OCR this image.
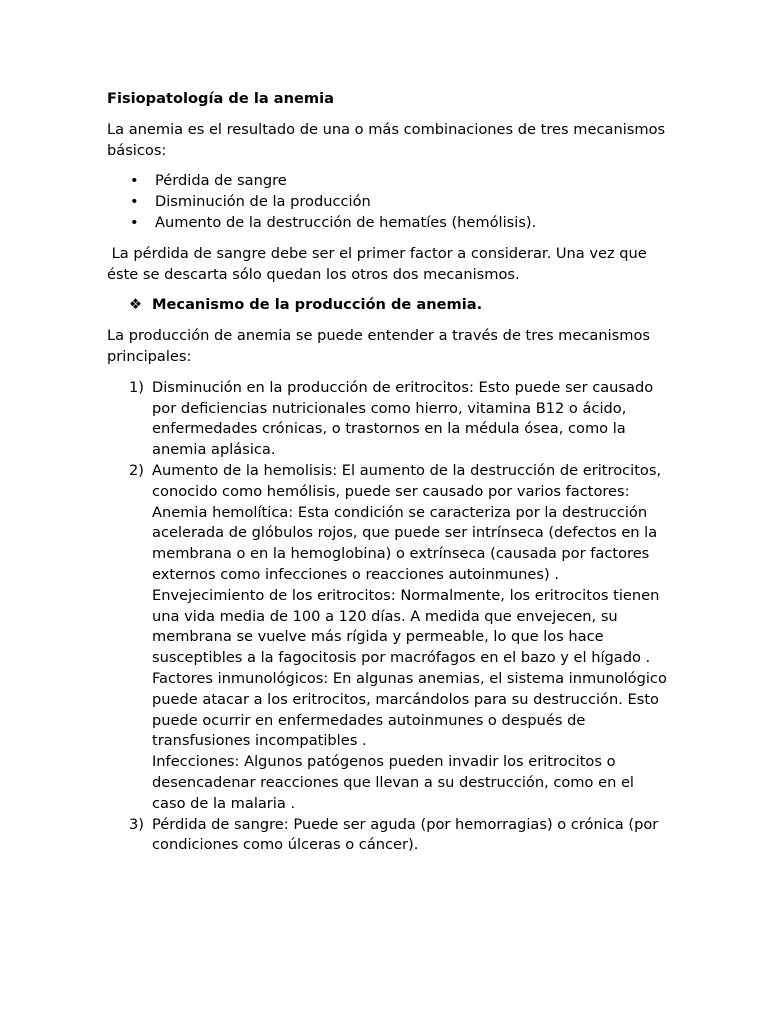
Fisiopatología de la anemia

La anemia es el resultado de una o más combinaciones de tres mecanismos básicos:

• Pérdida de sangre
• Disminución de la producción
• Aumento de la destrucción de hematíes (hemólisis).

La pérdida de sangre debe ser el primer factor a considerar. Una vez que éste se descarta sólo quedan los otros dos mecanismos.

❖ Mecanismo de la producción de anemia.

La producción de anemia se puede entender a través de tres mecanismos principales:

1) Disminución en la producción de eritrocitos: Esto puede ser causado por deficiencias nutricionales como hierro, vitamina B12 o ácido, enfermedades crónicas, o trastornos en la médula ósea, como la anemia aplásica.
2) Aumento de la hemolisis: El aumento de la destrucción de eritrocitos, conocido como hemólisis, puede ser causado por varios factores:
Anemia hemolítica: Esta condición se caracteriza por la destrucción acelerada de glóbulos rojos, que puede ser intrínseca (defectos en la membrana o en la hemoglobina) o extrínseca (causada por factores externos como infecciones o reacciones autoinmunes) .
Envejecimiento de los eritrocitos: Normalmente, los eritrocitos tienen una vida media de 100 a 120 días. A medida que envejecen, su membrana se vuelve más rígida y permeable, lo que los hace susceptibles a la fagocitosis por macrófagos en el bazo y el hígado .
Factores inmunológicos: En algunas anemias, el sistema inmunológico puede atacar a los eritrocitos, marcándolos para su destrucción. Esto puede ocurrir en enfermedades autoinmunes o después de transfusiones incompatibles .
Infecciones: Algunos patógenos pueden invadir los eritrocitos o desencadenar reacciones que llevan a su destrucción, como en el caso de la malaria .
3) Pérdida de sangre: Puede ser aguda (por hemorragias) o crónica (por condiciones como úlceras o cáncer).
